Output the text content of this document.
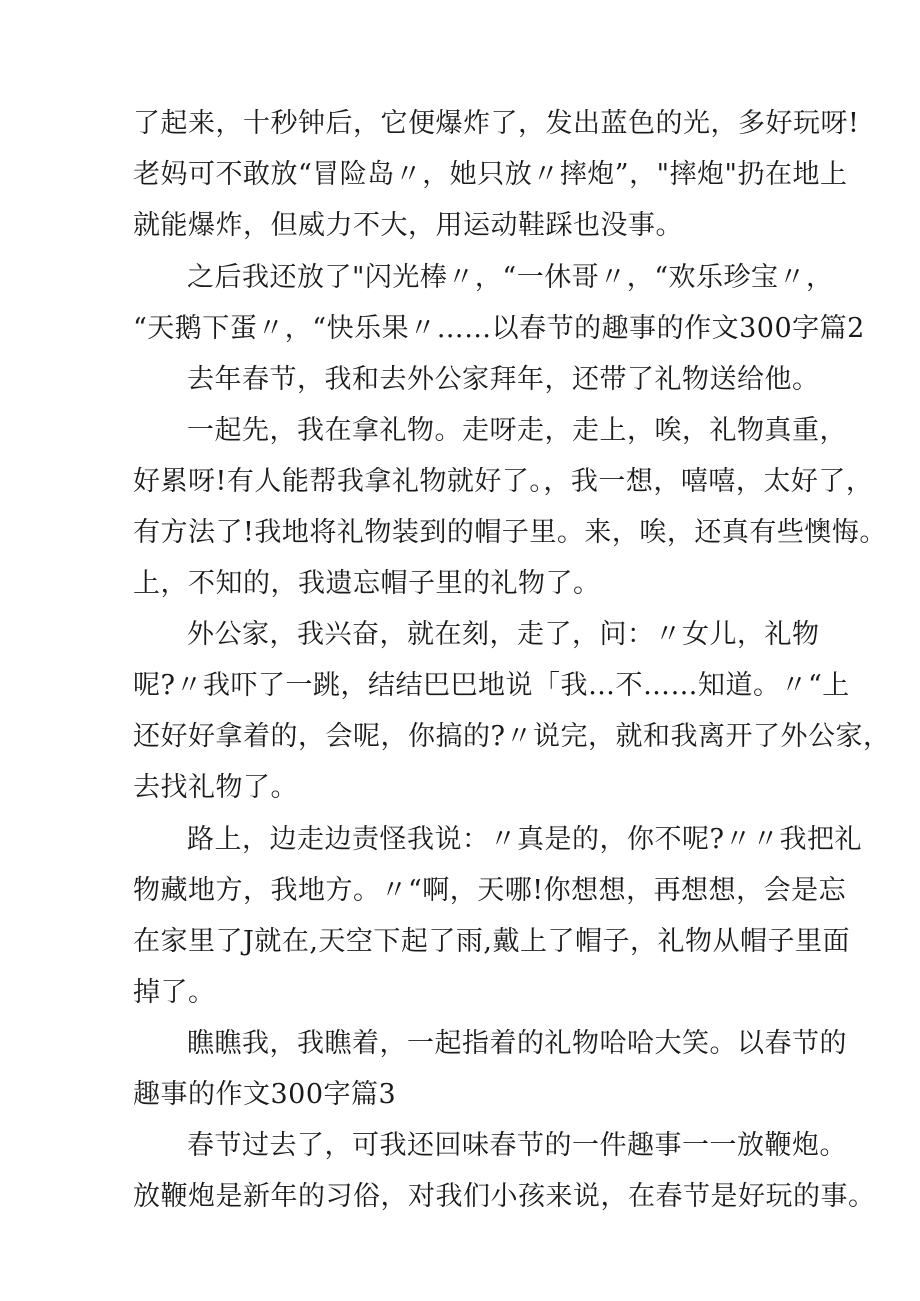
了起来，十秒钟后，它便爆炸了，发出蓝色的光，多好玩呀!
老妈可不敢放“冒险岛〃，她只放〃摔炮”，"摔炮"扔在地上
就能爆炸，但威力不大，用运动鞋踩也没事。
之后我还放了"闪光棒〃，“一休哥〃，“欢乐珍宝〃，
“天鹅下蛋〃，“快乐果〃……以春节的趣事的作文300字篇2
去年春节，我和去外公家拜年，还带了礼物送给他。
一起先，我在拿礼物。走呀走，走上，唉，礼物真重，
好累呀!有人能帮我拿礼物就好了。，我一想，嘻嘻，太好了，
有方法了!我地将礼物装到的帽子里。来，唉，还真有些懊悔。
上，不知的，我遗忘帽子里的礼物了。
外公家，我兴奋，就在刻，走了，问：〃女儿，礼物
呢?〃我吓了一跳，结结巴巴地说「我…不……知道。〃“上
还好好拿着的，会呢，你搞的?〃说完，就和我离开了外公家，
去找礼物了。
路上，边走边责怪我说：〃真是的，你不呢?〃〃我把礼
物藏地方，我地方。〃“啊，天哪!你想想，再想想，会是忘
在家里了J就在,天空下起了雨,戴上了帽子，礼物从帽子里面
掉了。
瞧瞧我，我瞧着，一起指着的礼物哈哈大笑。以春节的
趣事的作文300字篇3
春节过去了，可我还回味春节的一件趣事一一放鞭炮。
放鞭炮是新年的习俗，对我们小孩来说，在春节是好玩的事。
